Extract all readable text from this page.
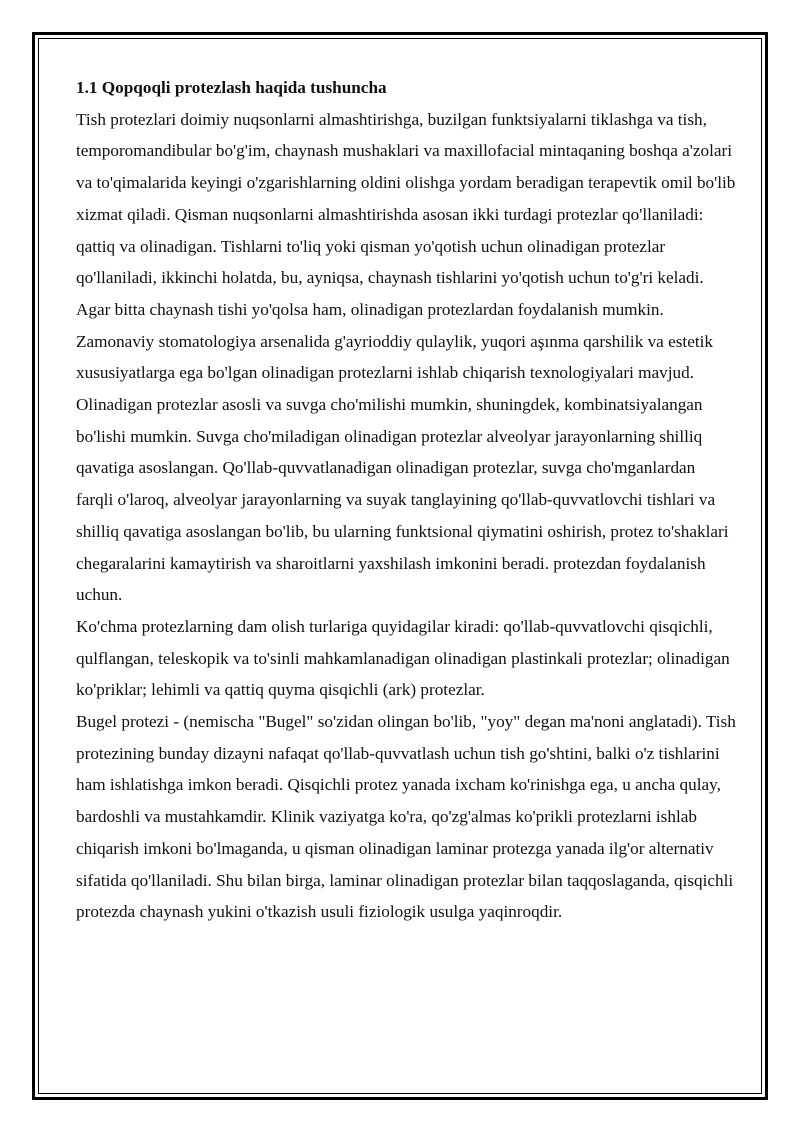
1.1 Qopqoqli protezlash haqida tushuncha

Tish protezlari doimiy nuqsonlarni almashtirishga, buzilgan funktsiyalarni tiklashga va tish, temporomandibular bo'g'im, chaynash mushaklari va maxillofacial mintaqaning boshqa a'zolari va to'qimalarida keyingi o'zgarishlarning oldini olishga yordam beradigan terapevtik omil bo'lib xizmat qiladi. Qisman nuqsonlarni almashtirishda asosan ikki turdagi protezlar qo'llaniladi: qattiq va olinadigan. Tishlarni to'liq yoki qisman yo'qotish uchun olinadigan protezlar qo'llaniladi, ikkinchi holatda, bu, ayniqsa, chaynash tishlarini yo'qotish uchun to'g'ri keladi. Agar bitta chaynash tishi yo'qolsa ham, olinadigan protezlardan foydalanish mumkin. Zamonaviy stomatologiya arsenalida g'ayrioddiy qulaylik, yuqori aşınma qarshilik va estetik xususiyatlarga ega bo'lgan olinadigan protezlarni ishlab chiqarish texnologiyalari mavjud.

Olinadigan protezlar asosli va suvga cho'milishi mumkin, shuningdek, kombinatsiyalangan bo'lishi mumkin. Suvga cho'miladigan olinadigan protezlar alveolyar jarayonlarning shilliq qavatiga asoslangan. Qo'llab-quvvatlanadigan olinadigan protezlar, suvga cho'mganlardan farqli o'laroq, alveolyar jarayonlarning va suyak tanglayining qo'llab-quvvatlovchi tishlari va shilliq qavatiga asoslangan bo'lib, bu ularning funktsional qiymatini oshirish, protez to'shaklari chegaralarini kamaytirish va sharoitlarni yaxshilash imkonini beradi. protezdan foydalanish uchun.

Ko'chma protezlarning dam olish turlariga quyidagilar kiradi: qo'llab-quvvatlovchi qisqichli, qulflangan, teleskopik va to'sinli mahkamlanadigan olinadigan plastinkali protezlar; olinadigan ko'priklar; lehimli va qattiq quyma qisqichli (ark) protezlar.

Bugel protezi - (nemischa "Bugel" so'zidan olingan bo'lib, "yoy" degan ma'noni anglatadi). Tish protezining bunday dizayni nafaqat qo'llab-quvvatlash uchun tish go'shtini, balki o'z tishlarini ham ishlatishga imkon beradi. Qisqichli protez yanada ixcham ko'rinishga ega, u ancha qulay, bardoshli va mustahkamdir. Klinik vaziyatga ko'ra, qo'zg'almas ko'prikli protezlarni ishlab chiqarish imkoni bo'lmaganda, u qisman olinadigan laminar protezga yanada ilg'or alternativ sifatida qo'llaniladi. Shu bilan birga, laminar olinadigan protezlar bilan taqqoslaganda, qisqichli protezda chaynash yukini o'tkazish usuli fiziologik usulga yaqinroqdir.
